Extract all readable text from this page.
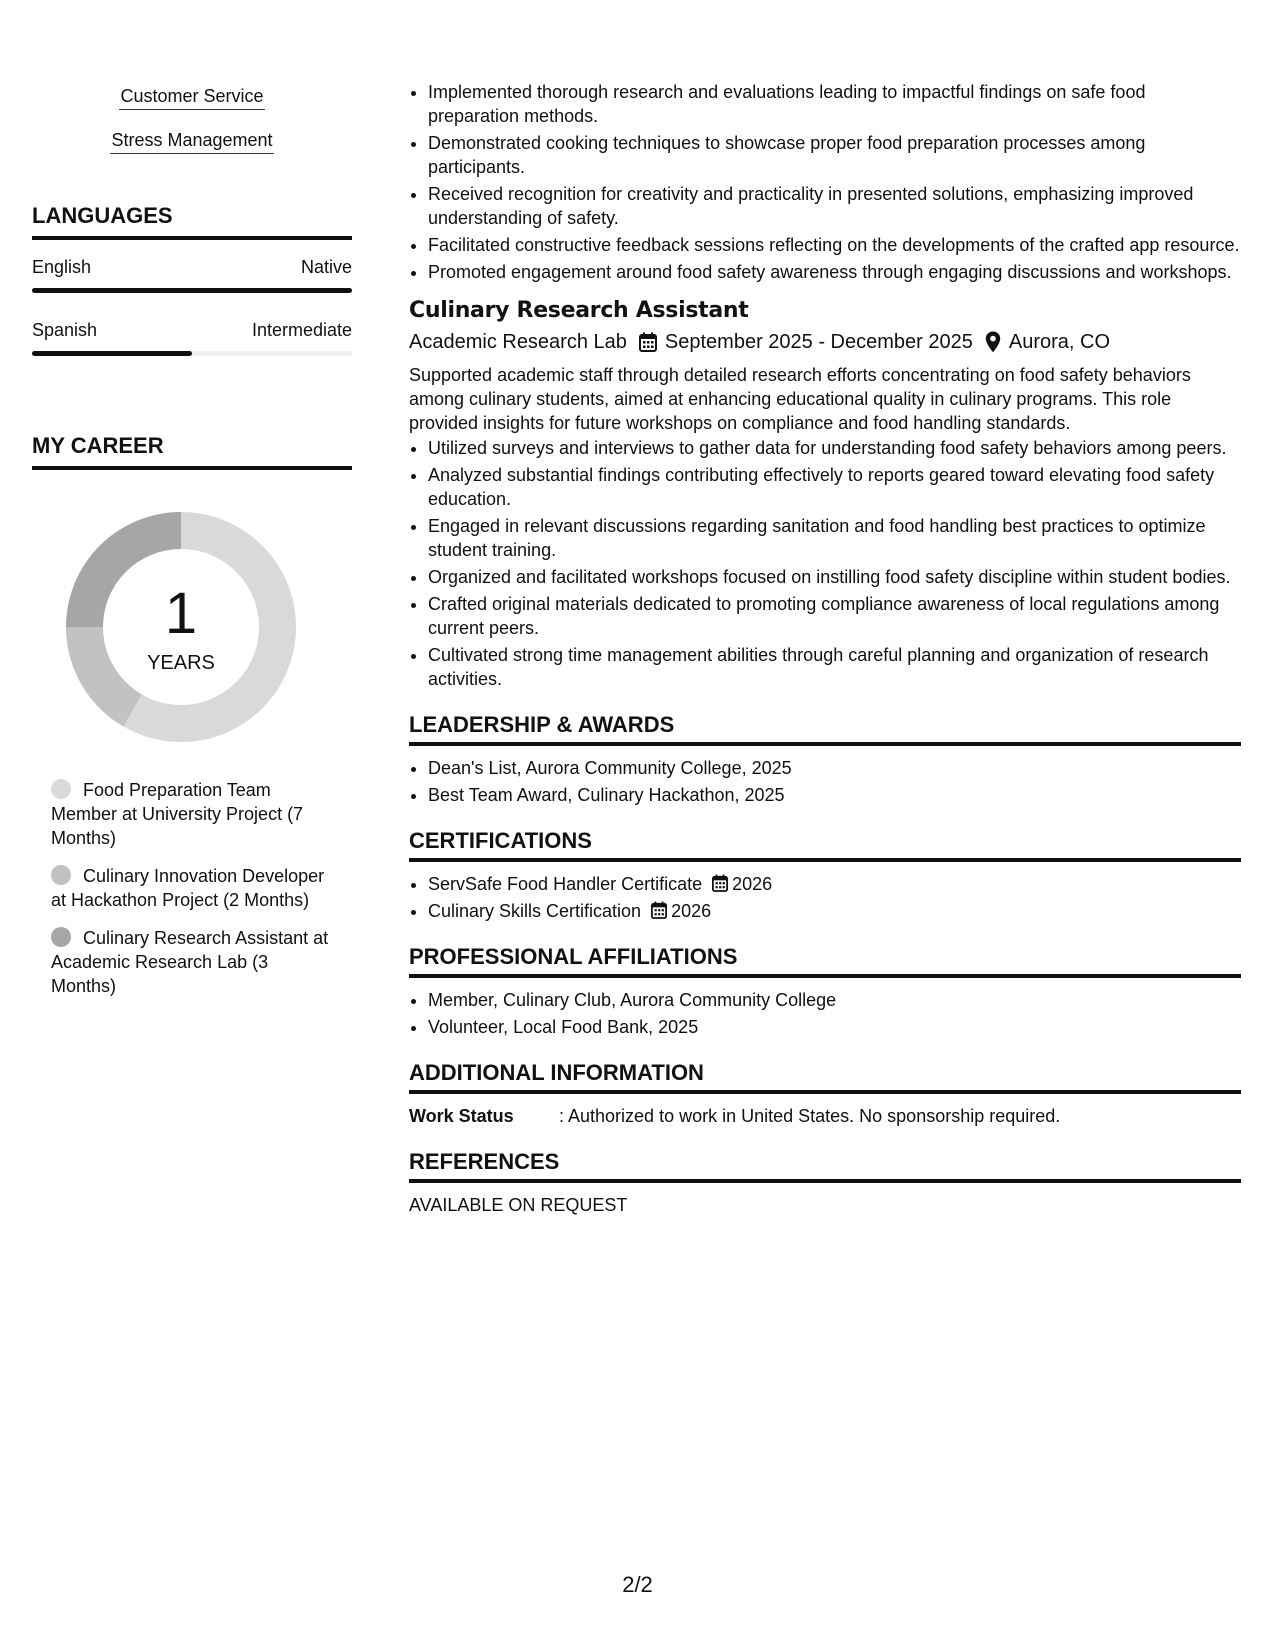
Customer Service
Stress Management
LANGUAGES
English	Native
Spanish	Intermediate
MY CAREER
1
YEARS
Food Preparation Team Member at University Project (7 Months)
Culinary Innovation Developer at Hackathon Project (2 Months)
Culinary Research Assistant at Academic Research Lab (3 Months)
• Implemented thorough research and evaluations leading to impactful findings on safe food preparation methods.
• Demonstrated cooking techniques to showcase proper food preparation processes among participants.
• Received recognition for creativity and practicality in presented solutions, emphasizing improved understanding of safety.
• Facilitated constructive feedback sessions reflecting on the developments of the crafted app resource.
• Promoted engagement around food safety awareness through engaging discussions and workshops.
Culinary Research Assistant
Academic Research Lab September 2025 - December 2025 Aurora, CO

Supported academic staff through detailed research efforts concentrating on food safety behaviors among culinary students, aimed at enhancing educational quality in culinary programs. This role provided insights for future workshops on compliance and food handling standards.

• Utilized surveys and interviews to gather data for understanding food safety behaviors among peers.
• Analyzed substantial findings contributing effectively to reports geared toward elevating food safety education.
• Engaged in relevant discussions regarding sanitation and food handling best practices to optimize student training.
• Organized and facilitated workshops focused on instilling food safety discipline within student bodies.
• Crafted original materials dedicated to promoting compliance awareness of local regulations among current peers.
• Cultivated strong time management abilities through careful planning and organization of research activities.
LEADERSHIP & AWARDS
• Dean's List, Aurora Community College, 2025
• Best Team Award, Culinary Hackathon, 2025
CERTIFICATIONS
• ServSafe Food Handler Certificate 2026
• Culinary Skills Certification 2026
PROFESSIONAL AFFILIATIONS
• Member, Culinary Club, Aurora Community College
• Volunteer, Local Food Bank, 2025
ADDITIONAL INFORMATION
Work Status	: Authorized to work in United States. No sponsorship required.
REFERENCES
AVAILABLE ON REQUEST
2/2
